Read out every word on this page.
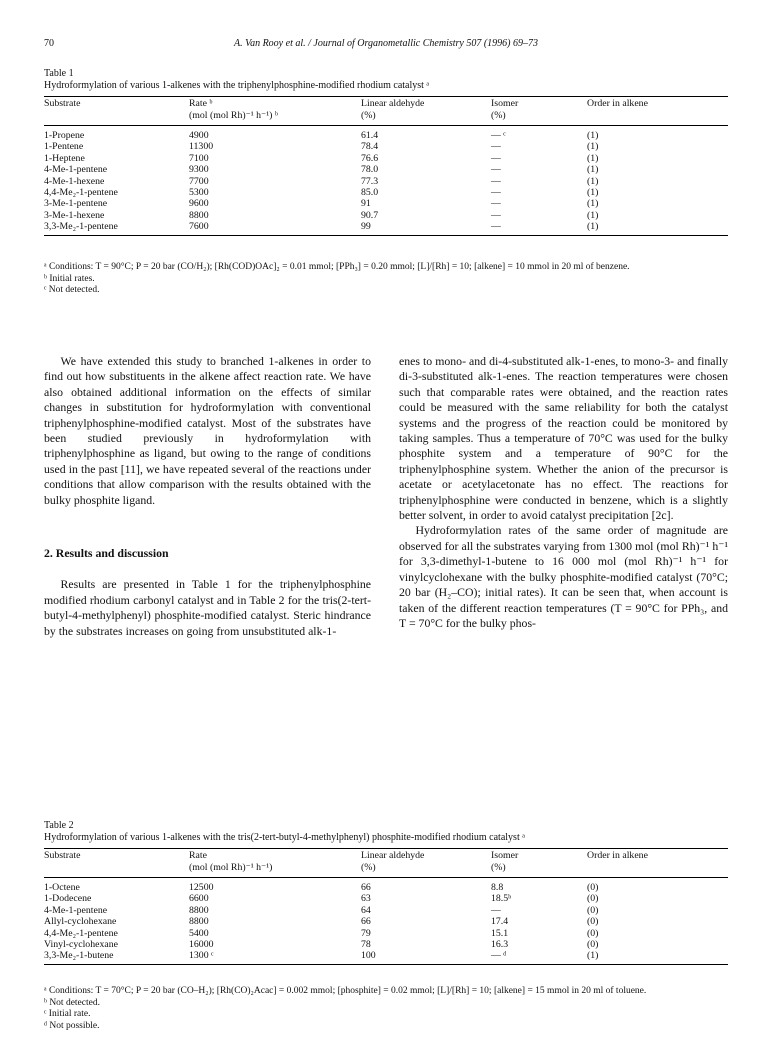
70	A. Van Rooy et al. / Journal of Organometallic Chemistry 507 (1996) 69–73
Table 1
Hydroformylation of various 1-alkenes with the triphenylphosphine-modified rhodium catalyst ᵃ
Substrate	Rate ᵇ	Linear aldehyde	Isomer	Order in alkene
	(mol (mol Rh)⁻¹ h⁻¹) ᵇ	(%)	(%)	
1-Propene	4900	61.4	— ᶜ	(1)
1-Pentene	11300	78.4	—	(1)
1-Heptene	7100	76.6	—	(1)
4-Me-1-pentene	9300	78.0	—	(1)
4-Me-1-hexene	7700	77.3	—	(1)
4,4-Me₂-1-pentene	5300	85.0	—	(1)
3-Me-1-pentene	9600	91	—	(1)
3-Me-1-hexene	8800	90.7	—	(1)
3,3-Me₂-1-pentene	7600	99	—	(1)
ᵃ Conditions: T = 90°C; P = 20 bar (CO/H₂); [Rh(COD)OAc]₂ = 0.01 mmol; [PPh₃] = 0.20 mmol; [L]/[Rh] = 10; [alkene] = 10 mmol in 20 ml of benzene.
ᵇ Initial rates.
ᶜ Not detected.

We have extended this study to branched 1-alkenes in order to find out how substituents in the alkene affect reaction rate. We have also obtained additional information on the effects of similar changes in substitution for hydroformylation with conventional triphenylphosphine-modified catalyst. Most of the substrates have been studied previously in hydroformylation with triphenylphosphine as ligand, but owing to the range of conditions used in the past [11], we have repeated several of the reactions under conditions that allow comparison with the results obtained with the bulky phosphite ligand.

2. Results and discussion

Results are presented in Table 1 for the triphenylphosphine modified rhodium carbonyl catalyst and in Table 2 for the tris(2-tert-butyl-4-methylphenyl) phosphite-modified catalyst. Steric hindrance by the substrates increases on going from unsubstituted alk-1-

enes to mono- and di-4-substituted alk-1-enes, to mono-3- and finally di-3-substituted alk-1-enes. The reaction temperatures were chosen such that comparable rates were obtained, and the reaction rates could be measured with the same reliability for both the catalyst systems and the progress of the reaction could be monitored by taking samples. Thus a temperature of 70°C was used for the bulky phosphite system and a temperature of 90°C for the triphenylphosphine system. Whether the anion of the precursor is acetate or acetylacetonate has no effect. The reactions for triphenylphosphine were conducted in benzene, which is a slightly better solvent, in order to avoid catalyst precipitation [2c].

Hydroformylation rates of the same order of magnitude are observed for all the substrates varying from 1300 mol (mol Rh)⁻¹ h⁻¹ for 3,3-dimethyl-1-butene to 16 000 mol (mol Rh)⁻¹ h⁻¹ for vinylcyclohexane with the bulky phosphite-modified catalyst (70°C; 20 bar (H₂–CO); initial rates). It can be seen that, when account is taken of the different reaction temperatures (T = 90°C for PPh₃, and T = 70°C for the bulky phos-

Table 2
Hydroformylation of various 1-alkenes with the tris(2-tert-butyl-4-methylphenyl) phosphite-modified rhodium catalyst ᵃ
Substrate	Rate	Linear aldehyde	Isomer	Order in alkene
	(mol (mol Rh)⁻¹ h⁻¹)	(%)	(%)	
1-Octene	12500	66	8.8	(0)
1-Dodecene	6600	63	18.5ᵇ	(0)
4-Me-1-pentene	8800	64	—	(0)
Allyl-cyclohexane	8800	66	17.4	(0)
4,4-Me₂-1-pentene	5400	79	15.1	(0)
Vinyl-cyclohexane	16000	78	16.3	(0)
3,3-Me₂-1-butene	1300 ᶜ	100	— ᵈ	(1)
ᵃ Conditions: T = 70°C; P = 20 bar (CO–H₂); [Rh(CO)₂Acac] = 0.002 mmol; [phosphite] = 0.02 mmol; [L]/[Rh] = 10; [alkene] = 15 mmol in 20 ml of toluene.
ᵇ Not detected.
ᶜ Initial rate.
ᵈ Not possible.
